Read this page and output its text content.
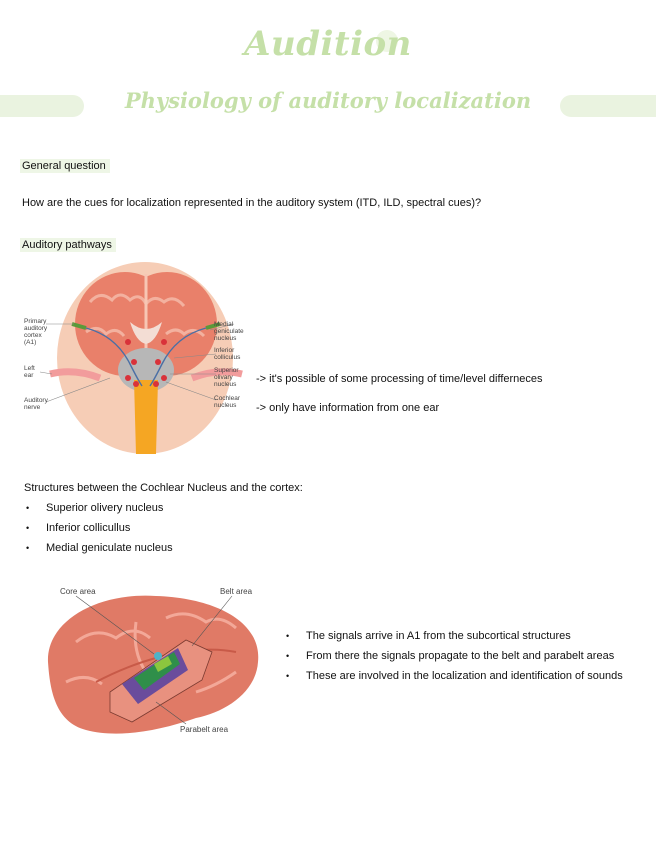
Audition
Physiology of auditory localization
General question
How are the cues for localization represented in the auditory system (ITD, ILD, spectral cues)?
Auditory pathways
Primary auditory cortex (A1)
Left ear
Auditory nerve
Medial geniculate nucleus
Inferior colliculus
Superior olivary nucleus
Cochlear nucleus
-> it's possible of some processing of time/level differneces
-> only have information from one ear
Structures between the Cochlear Nucleus and the cortex:
• Superior olivery nucleus
• Inferior collicullus
• Medial geniculate nucleus
Core area	Belt area
Parabelt area
• The signals arrive in A1 from the subcortical structures
• From there the signals propagate to the belt and parabelt areas
• These are involved in the localization and identification of sounds
